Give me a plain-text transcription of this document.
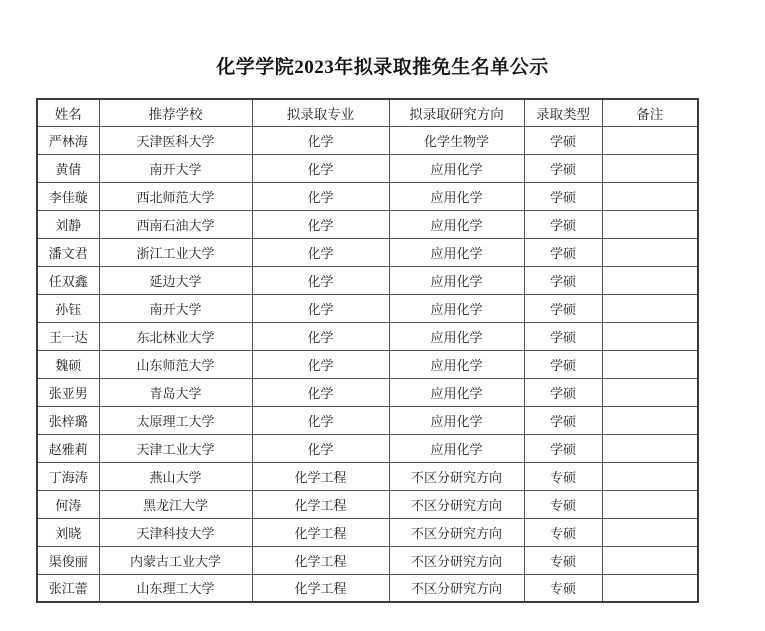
化学学院2023年拟录取推免生名单公示
姓名	推荐学校	拟录取专业	拟录取研究方向	录取类型	备注
严林海	天津医科大学	化学	化学生物学	学硕	
黄倩	南开大学	化学	应用化学	学硕	
李佳璇	西北师范大学	化学	应用化学	学硕	
刘静	西南石油大学	化学	应用化学	学硕	
潘文君	浙江工业大学	化学	应用化学	学硕	
任双鑫	延边大学	化学	应用化学	学硕	
孙钰	南开大学	化学	应用化学	学硕	
王一达	东北林业大学	化学	应用化学	学硕	
魏硕	山东师范大学	化学	应用化学	学硕	
张亚男	青岛大学	化学	应用化学	学硕	
张梓璐	太原理工大学	化学	应用化学	学硕	
赵雅莉	天津工业大学	化学	应用化学	学硕	
丁海涛	燕山大学	化学工程	不区分研究方向	专硕	
何涛	黑龙江大学	化学工程	不区分研究方向	专硕	
刘晓	天津科技大学	化学工程	不区分研究方向	专硕	
渠俊丽	内蒙古工业大学	化学工程	不区分研究方向	专硕	
张江蕾	山东理工大学	化学工程	不区分研究方向	专硕	
